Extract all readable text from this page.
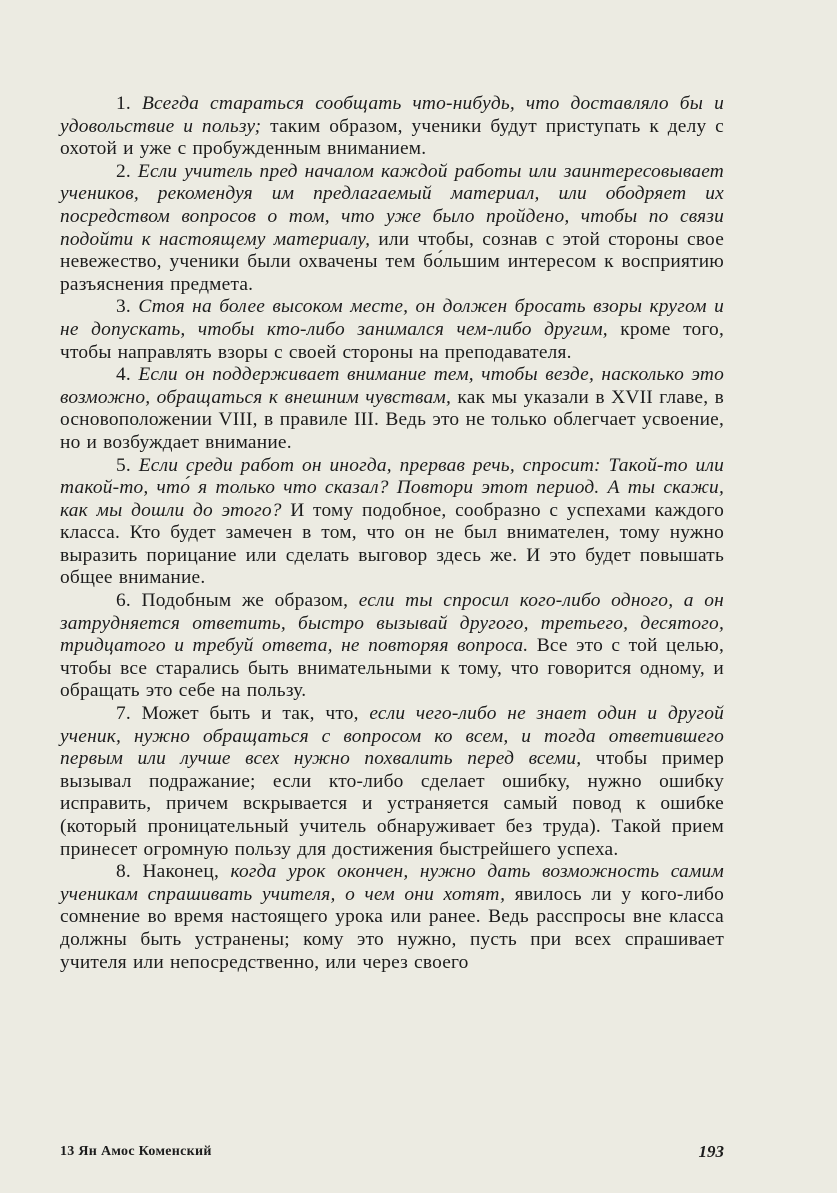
1. Всегда стараться сообщать что-нибудь, что доставляло бы и удовольствие и пользу; таким образом, ученики будут приступать к делу с охотой и уже с пробужденным вниманием.

2. Если учитель пред началом каждой работы или заинтересовывает учеников, рекомендуя им предлагаемый материал, или ободряет их посредством вопросов о том, что уже было пройдено, чтобы по связи подойти к настоящему материалу, или чтобы, сознав с этой стороны свое невежество, ученики были охвачены тем бо́льшим интересом к восприятию разъяснения предмета.

3. Стоя на более высоком месте, он должен бросать взоры кругом и не допускать, чтобы кто-либо занимался чем-либо другим, кроме того, чтобы направлять взоры с своей стороны на преподавателя.

4. Если он поддерживает внимание тем, чтобы везде, насколько это возможно, обращаться к внешним чувствам, как мы указали в XVII главе, в основоположении VIII, в правиле III. Ведь это не только облегчает усвоение, но и возбуждает внимание.

5. Если среди работ он иногда, прервав речь, спросит: Такой-то или такой-то, что́ я только что сказал? Повтори этот период. А ты скажи, как мы дошли до этого? И тому подобное, сообразно с успехами каждого класса. Кто будет замечен в том, что он не был внимателен, тому нужно выразить порицание или сделать выговор здесь же. И это будет повышать общее внимание.

6. Подобным же образом, если ты спросил кого-либо одного, а он затрудняется ответить, быстро вызывай другого, третьего, десятого, тридцатого и требуй ответа, не повторяя вопроса. Все это с той целью, чтобы все старались быть внимательными к тому, что говорится одному, и обращать это себе на пользу.

7. Может быть и так, что, если чего-либо не знает один и другой ученик, нужно обращаться с вопросом ко всем, и тогда ответившего первым или лучше всех нужно похвалить перед всеми, чтобы пример вызывал подражание; если кто-либо сделает ошибку, нужно ошибку исправить, причем вскрывается и устраняется самый повод к ошибке (который проницательный учитель обнаруживает без труда). Такой прием принесет огромную пользу для достижения быстрейшего успеха.

8. Наконец, когда урок окончен, нужно дать возможность самим ученикам спрашивать учителя, о чем они хотят, явилось ли у кого-либо сомнение во время настоящего урока или ранее. Ведь расспросы вне класса должны быть устранены; кому это нужно, пусть при всех спрашивает учителя или непосредственно, или через своего

13 Ян Амос Коменский	193
